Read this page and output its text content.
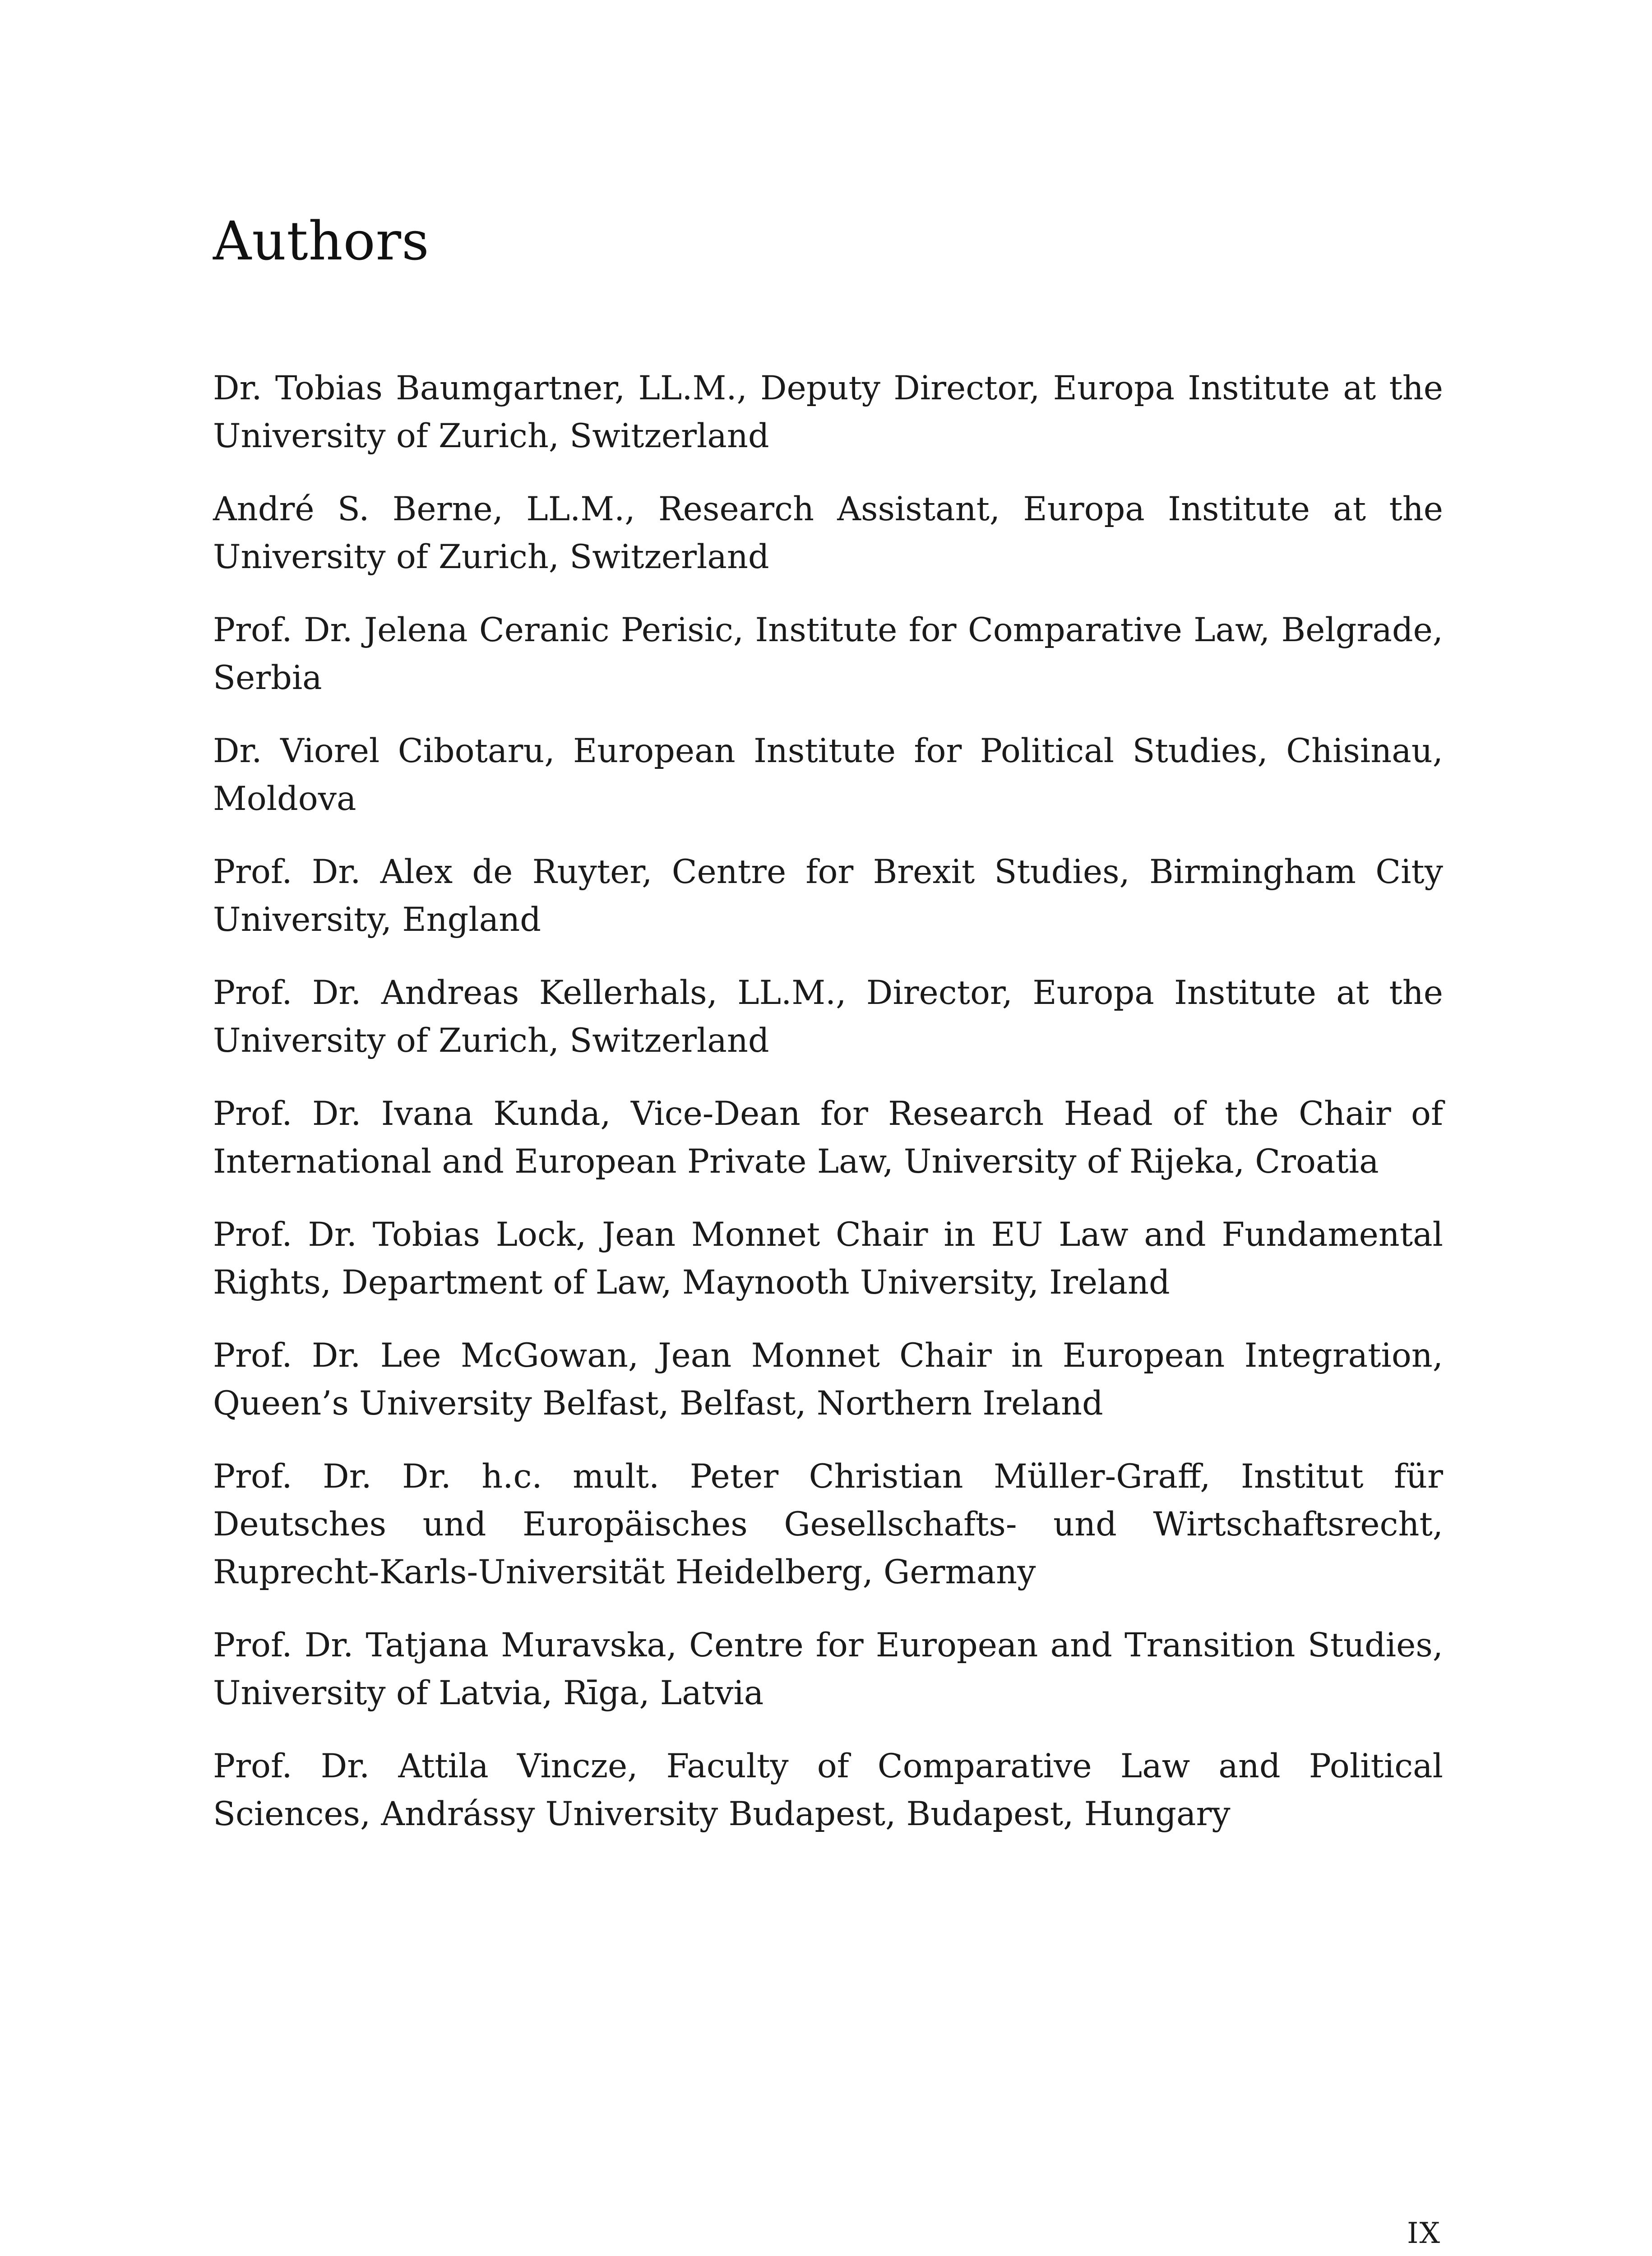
Authors
Dr. Tobias Baumgartner, LL.M., Deputy Director, Europa Institute at the University of Zurich, Switzerland
André S. Berne, LL.M., Research Assistant, Europa Institute at the University of Zurich, Switzerland
Prof. Dr. Jelena Ceranic Perisic, Institute for Comparative Law, Belgrade, Serbia
Dr. Viorel Cibotaru, European Institute for Political Studies, Chisinau, Moldova
Prof. Dr. Alex de Ruyter, Centre for Brexit Studies, Birmingham City University, England
Prof. Dr. Andreas Kellerhals, LL.M., Director, Europa Institute at the University of Zurich, Switzerland
Prof. Dr. Ivana Kunda, Vice-Dean for Research Head of the Chair of International and European Private Law, University of Rijeka, Croatia
Prof. Dr. Tobias Lock, Jean Monnet Chair in EU Law and Fundamental Rights, Department of Law, Maynooth University, Ireland
Prof. Dr. Lee McGowan, Jean Monnet Chair in European Integration, Queen’s University Belfast, Belfast, Northern Ireland
Prof. Dr. Dr. h.c. mult. Peter Christian Müller-Graff, Institut für Deutsches und Europäisches Gesellschafts- und Wirtschaftsrecht, Ruprecht-Karls-Universität Heidelberg, Germany
Prof. Dr. Tatjana Muravska, Centre for European and Transition Studies, University of Latvia, Rīga, Latvia
Prof. Dr. Attila Vincze, Faculty of Comparative Law and Political Sciences, Andrássy University Budapest, Budapest, Hungary
IX
